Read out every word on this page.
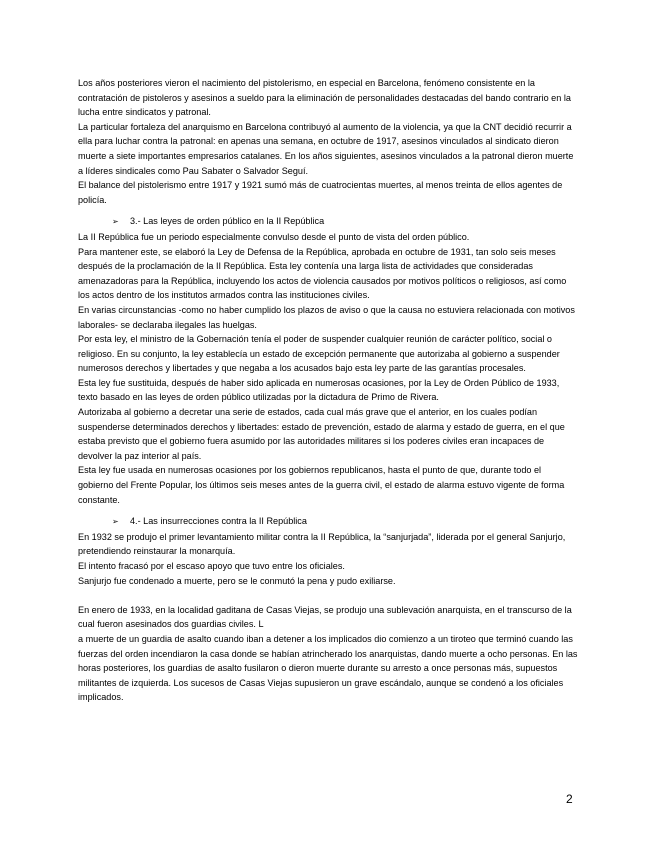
Los años posteriores vieron el nacimiento del pistolerismo, en especial en Barcelona, fenómeno consistente en la contratación de pistoleros y asesinos a sueldo para la eliminación de personalidades destacadas del bando contrario en la lucha entre sindicatos y patronal.

La particular fortaleza del anarquismo en Barcelona contribuyó al aumento de la violencia, ya que la CNT decidió recurrir a ella para luchar contra la patronal: en apenas una semana, en octubre de 1917, asesinos vinculados al sindicato dieron muerte a siete importantes empresarios catalanes. En los años siguientes, asesinos vinculados a la patronal dieron muerte a líderes sindicales como Pau Sabater o Salvador Seguí.

El balance del pistolerismo entre 1917 y 1921 sumó más de cuatrocientas muertes, al menos treinta de ellos agentes de policía.

➢ 3.- Las leyes de orden público en la II República

La II República fue un periodo especialmente convulso desde el punto de vista del orden público.

Para mantener este, se elaboró la Ley de Defensa de la República, aprobada en octubre de 1931, tan solo seis meses después de la proclamación de la II República. Esta ley contenía una larga lista de actividades que consideradas amenazadoras para la República, incluyendo los actos de violencia causados por motivos políticos o religiosos, así como los actos dentro de los institutos armados contra las instituciones civiles.

En varias circunstancias -como no haber cumplido los plazos de aviso o que la causa no estuviera relacionada con motivos laborales- se declaraba ilegales las huelgas.

Por esta ley, el ministro de la Gobernación tenía el poder de suspender cualquier reunión de carácter político, social o religioso. En su conjunto, la ley establecía un estado de excepción permanente que autorizaba al gobierno a suspender numerosos derechos y libertades y que negaba a los acusados bajo esta ley parte de las garantías procesales.

Esta ley fue sustituida, después de haber sido aplicada en numerosas ocasiones, por la Ley de Orden Público de 1933, texto basado en las leyes de orden público utilizadas por la dictadura de Primo de Rivera.

Autorizaba al gobierno a decretar una serie de estados, cada cual más grave que el anterior, en los cuales podían suspenderse determinados derechos y libertades: estado de prevención, estado de alarma y estado de guerra, en el que estaba previsto que el gobierno fuera asumido por las autoridades militares si los poderes civiles eran incapaces de devolver la paz interior al país.

Esta ley fue usada en numerosas ocasiones por los gobiernos republicanos, hasta el punto de que, durante todo el gobierno del Frente Popular, los últimos seis meses antes de la guerra civil, el estado de alarma estuvo vigente de forma constante.

➢ 4.- Las insurrecciones contra la II República

En 1932 se produjo el primer levantamiento militar contra la II República, la “sanjurjada”, liderada por el general Sanjurjo, pretendiendo reinstaurar la monarquía.

El intento fracasó por el escaso apoyo que tuvo entre los oficiales.

Sanjurjo fue condenado a muerte, pero se le conmutó la pena y pudo exiliarse.

En enero de 1933, en la localidad gaditana de Casas Viejas, se produjo una sublevación anarquista, en el transcurso de la cual fueron asesinados dos guardias civiles. L

a muerte de un guardia de asalto cuando iban a detener a los implicados dio comienzo a un tiroteo que terminó cuando las fuerzas del orden incendiaron la casa donde se habían atrincherado los anarquistas, dando muerte a ocho personas. En las horas posteriores, los guardias de asalto fusilaron o dieron muerte durante su arresto a once personas más, supuestos militantes de izquierda. Los sucesos de Casas Viejas supusieron un grave escándalo, aunque se condenó a los oficiales implicados.

2
